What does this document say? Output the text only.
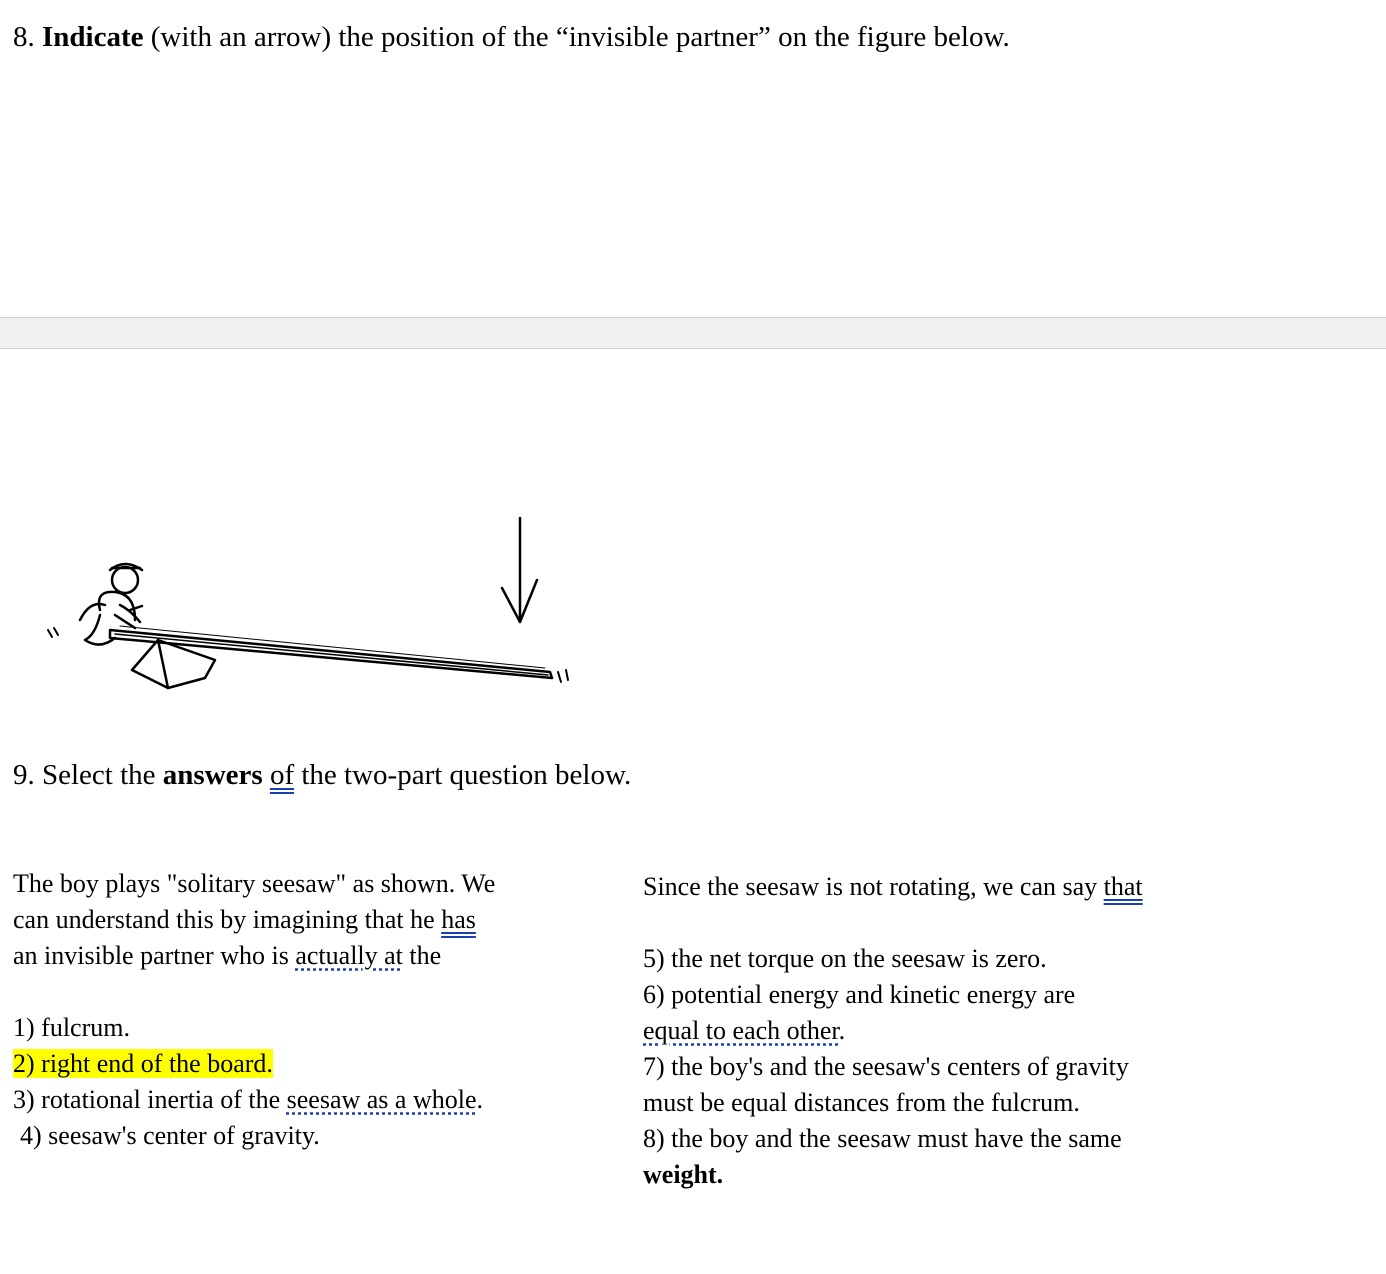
8. Indicate (with an arrow) the position of the “invisible partner” on the figure below.
9. Select the answers of the two-part question below.
The boy plays "solitary seesaw" as shown. We
can understand this by imagining that he has
an invisible partner who is actually at the
1) fulcrum.
2) right end of the board.
3) rotational inertia of the seesaw as a whole.
4) seesaw's center of gravity.
Since the seesaw is not rotating, we can say that
5) the net torque on the seesaw is zero.
6) potential energy and kinetic energy are
equal to each other.
7) the boy's and the seesaw's centers of gravity
must be equal distances from the fulcrum.
8) the boy and the seesaw must have the same
weight.
